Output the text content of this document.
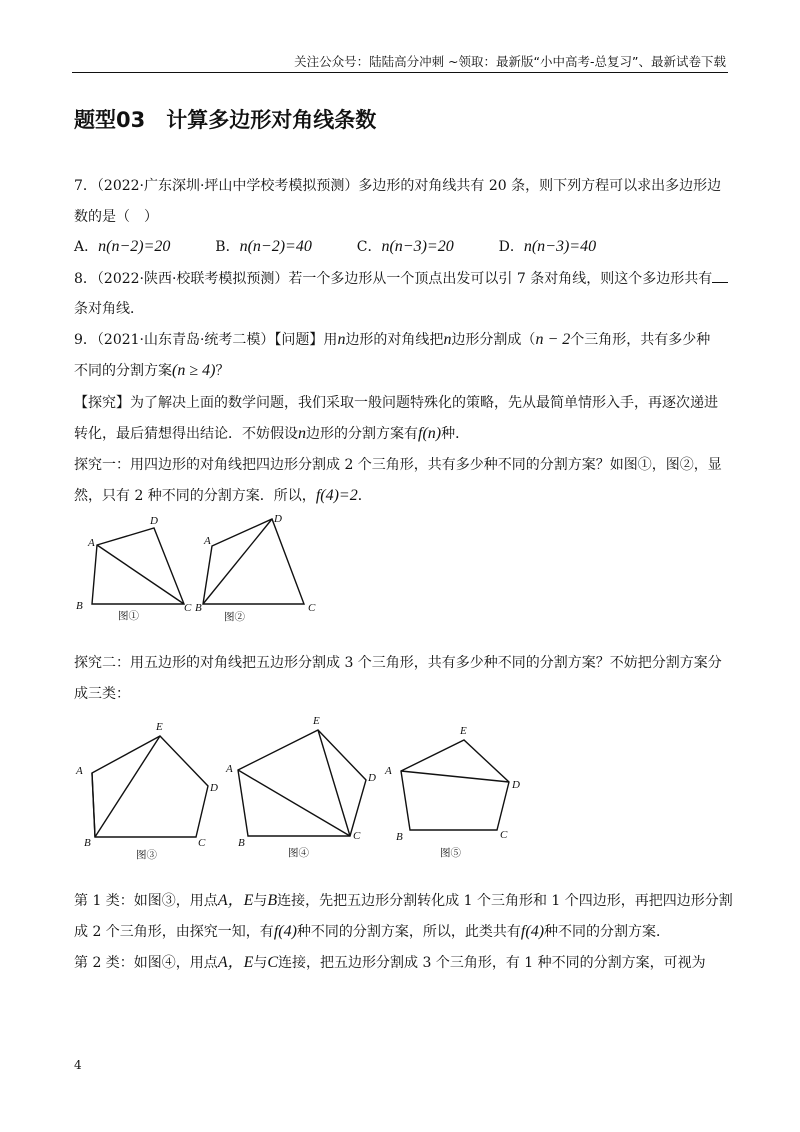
关注公众号：陆陆高分冲刺 ~领取：最新版“小中高考-总复习”、最新试卷下载
题型03　计算多边形对角线条数
7．（2022·广东深圳·坪山中学校考模拟预测）多边形的对角线共有 20 条，则下列方程可以求出多边形边
数的是（　）
A．n(n−2)=20	B．n(n−2)=40	C．n(n−3)=20	D．n(n−3)=40
8．（2022·陕西·校联考模拟预测）若一个多边形从一个顶点出发可以引 7 条对角线，则这个多边形共有
条对角线．
9．（2021·山东青岛·统考二模）【问题】用n边形的对角线把n边形分割成（n − 2个三角形，共有多少种
不同的分割方案(n ≥ 4)？
【探究】为了解决上面的数学问题，我们采取一般问题特殊化的策略，先从最简单情形入手，再逐次递进
转化，最后猜想得出结论．不妨假设n边形的分割方案有f(n)种．
探究一：用四边形的对角线把四边形分割成 2 个三角形，共有多少种不同的分割方案？如图①，图②，显
然，只有 2 种不同的分割方案．所以，f(4)=2．
A
B	C
D
图①
A
B	C
D
图②
探究二：用五边形的对角线把五边形分割成 3 个三角形，共有多少种不同的分割方案？不妨把分割方案分
成三类：
A
B	C
D
E
图③
A
B
C
D
E
图④
A
B	C
D
E
图⑤
第 1 类：如图③，用点A，E与B连接，先把五边形分割转化成 1 个三角形和 1 个四边形，再把四边形分割
成 2 个三角形，由探究一知，有f(4)种不同的分割方案，所以，此类共有f(4)种不同的分割方案．
第 2 类：如图④，用点A，E与C连接，把五边形分割成 3 个三角形，有 1 种不同的分割方案，可视为
4
